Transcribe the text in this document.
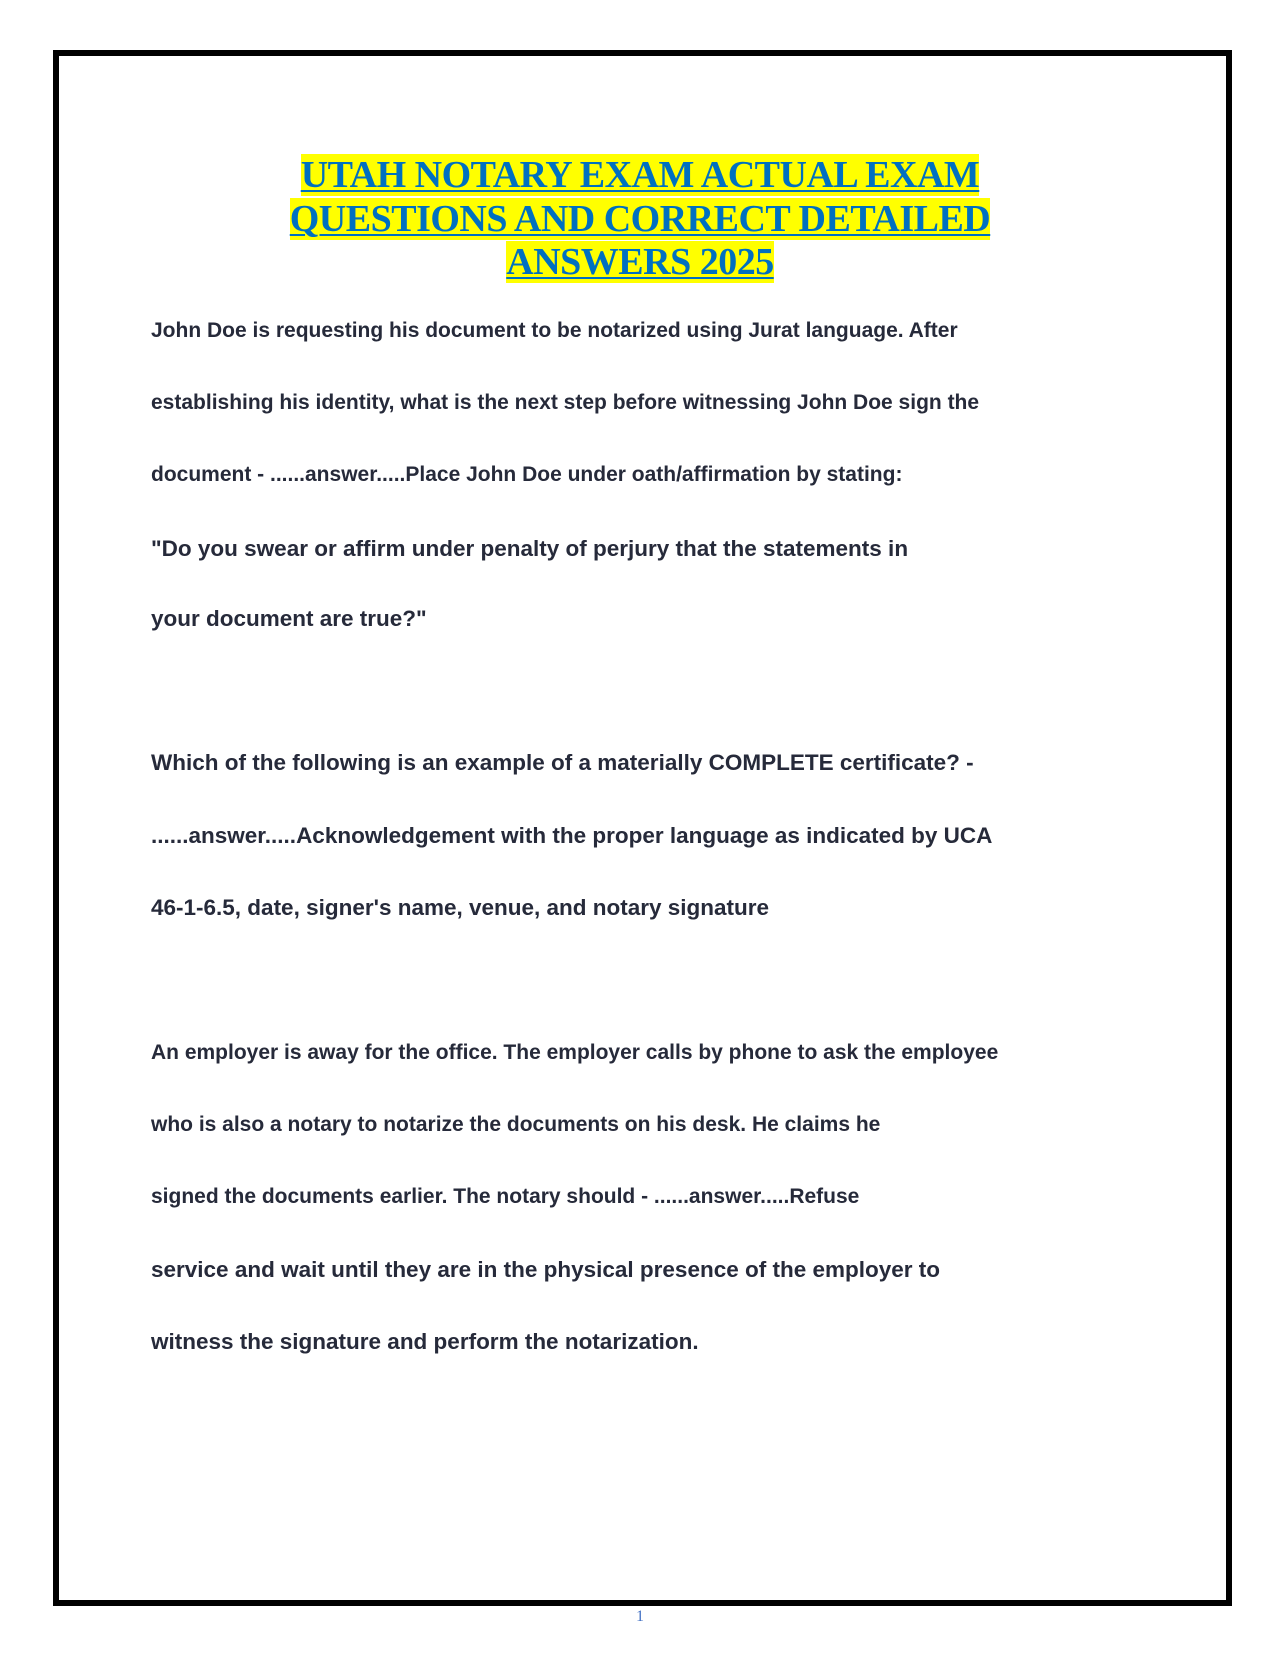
UTAH NOTARY EXAM ACTUAL EXAM
QUESTIONS AND CORRECT DETAILED
ANSWERS 2025
John Doe is requesting his document to be notarized using Jurat language. After
establishing his identity, what is the next step before witnessing John Doe sign the
document - ......answer.....Place John Doe under oath/affirmation by stating:
"Do you swear or affirm under penalty of perjury that the statements in
your document are true?"
Which of the following is an example of a materially COMPLETE certificate? -
......answer.....Acknowledgement with the proper language as indicated by UCA
46-1-6.5, date, signer's name, venue, and notary signature
An employer is away for the office. The employer calls by phone to ask the employee
who is also a notary to notarize the documents on his desk. He claims he
signed the documents earlier. The notary should - ......answer.....Refuse
service and wait until they are in the physical presence of the employer to
witness the signature and perform the notarization.
1
